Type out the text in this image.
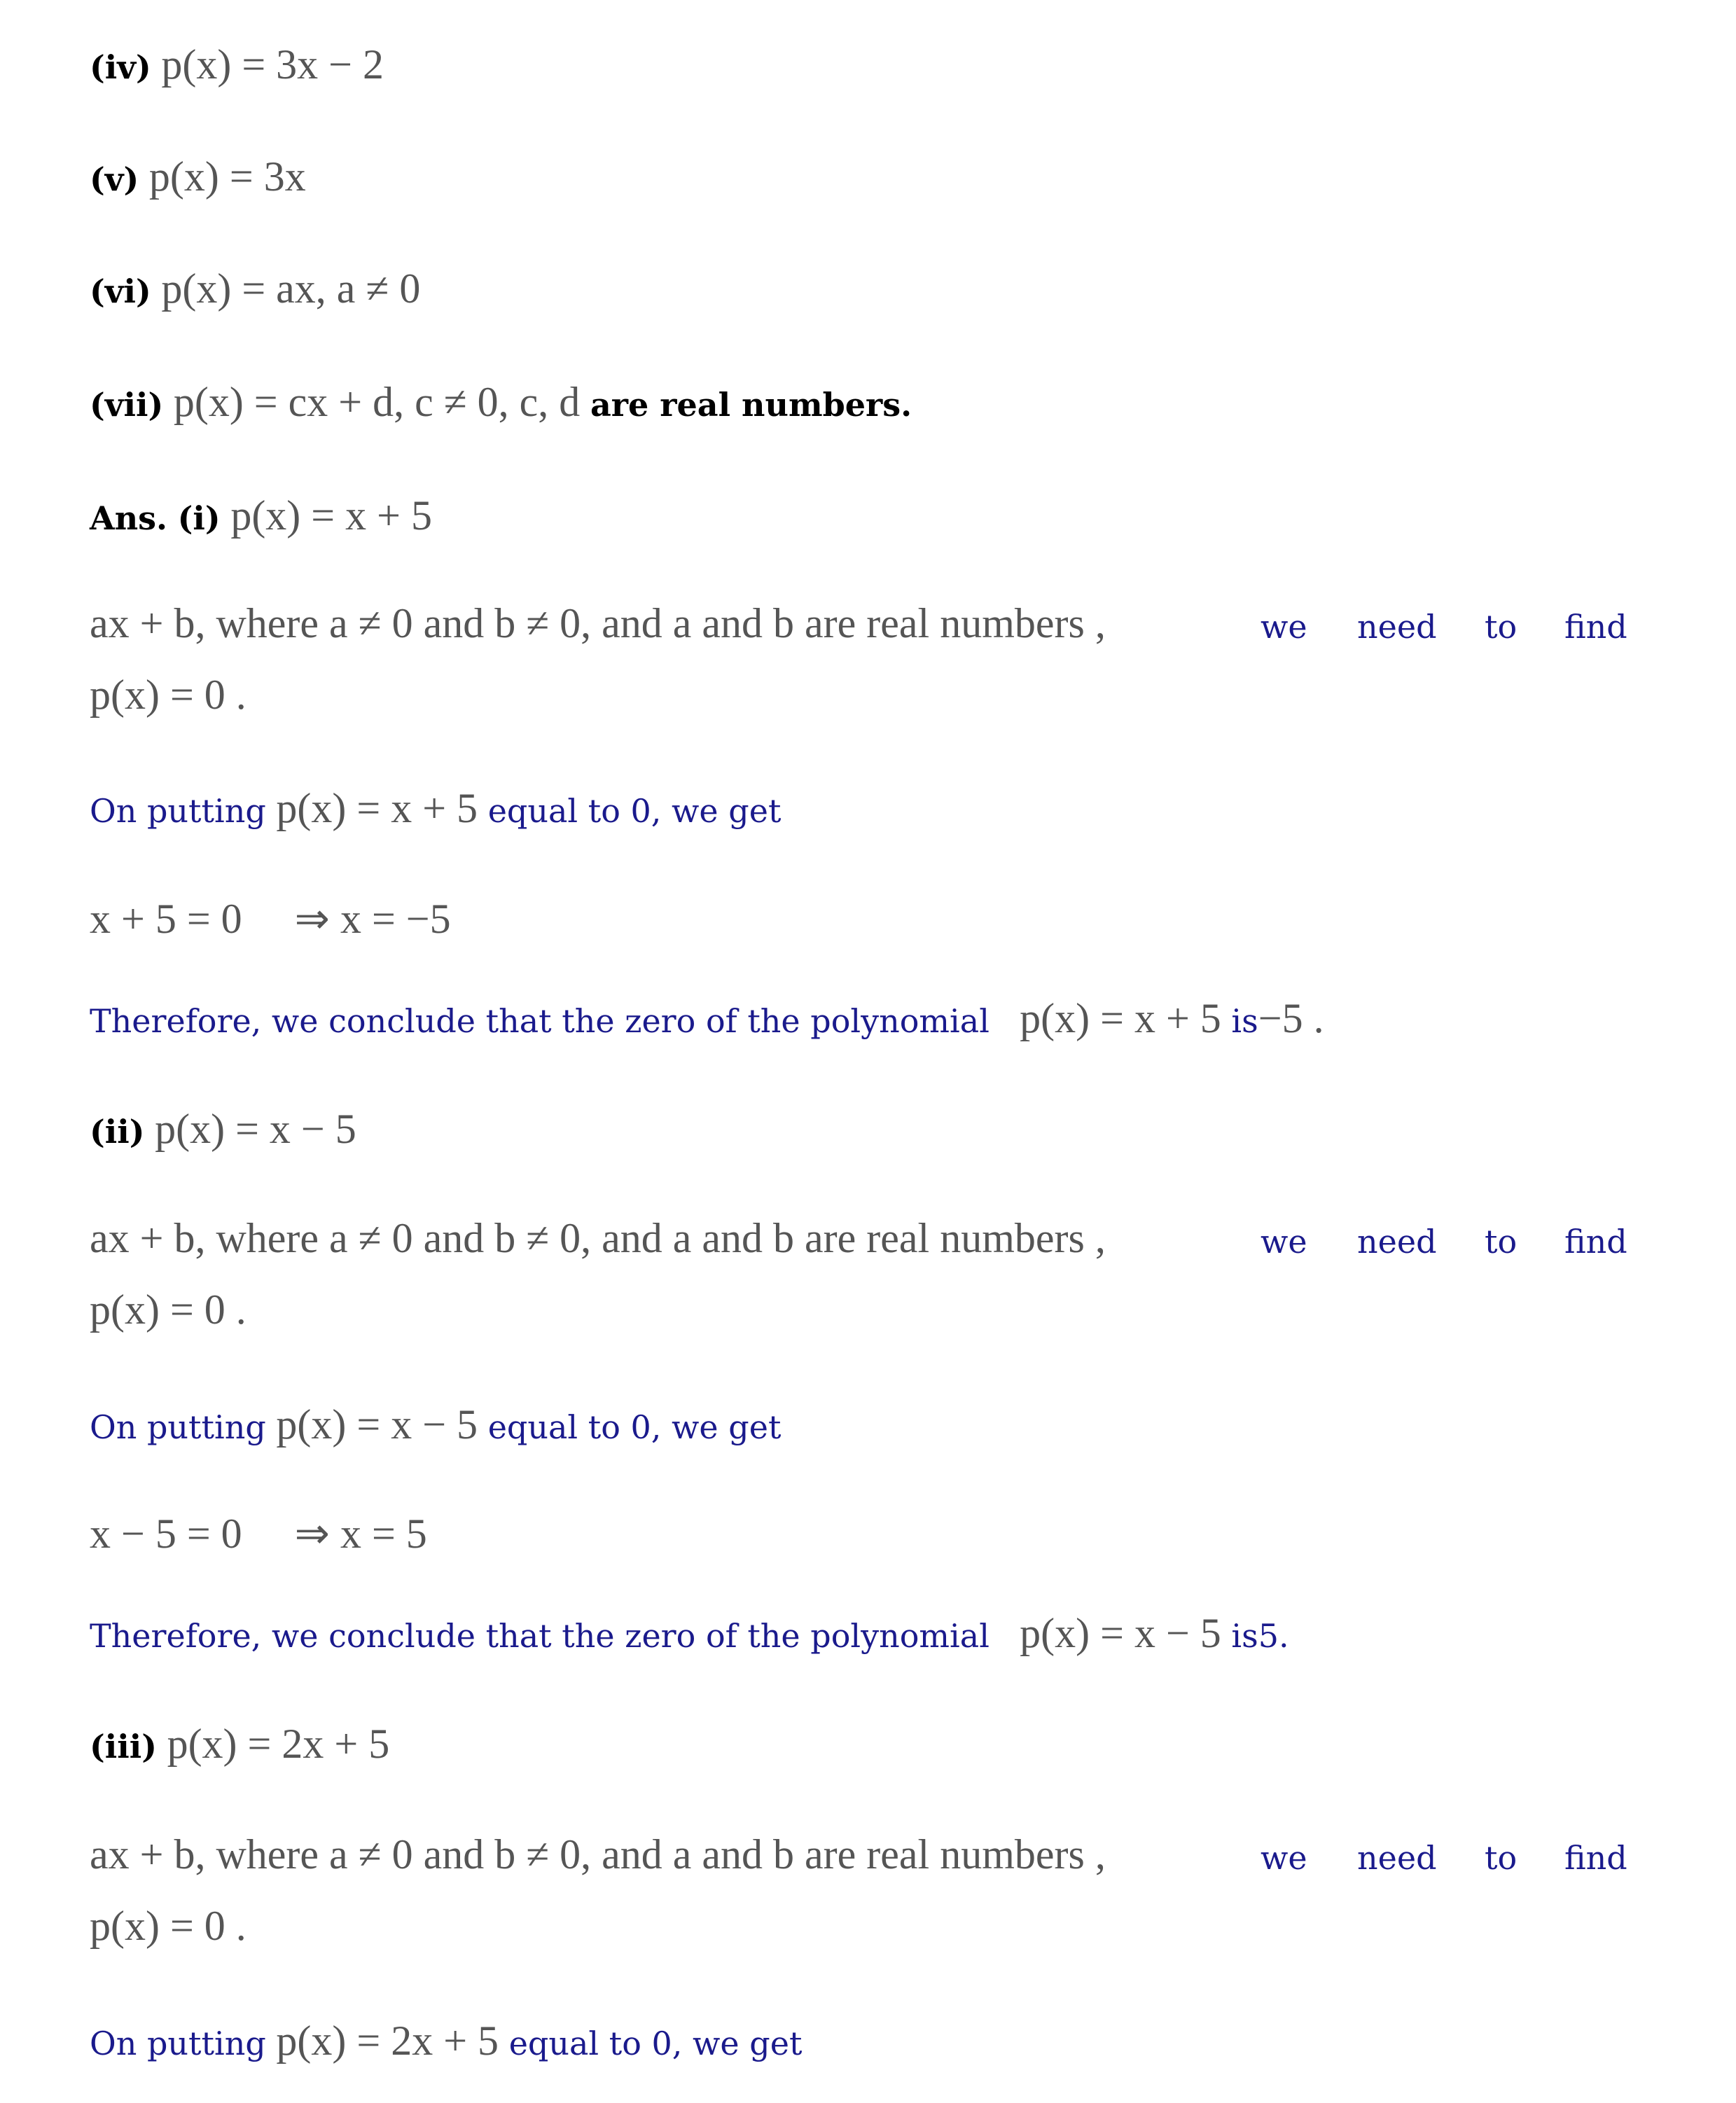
(iv) p(x) = 3x − 2
(v) p(x) = 3x
(vi) p(x) = ax, a ≠ 0
(vii) p(x) = cx + d, c ≠ 0, c, d are real numbers.
Ans. (i) p(x) = x + 5
ax + b, where a ≠ 0 and b ≠ 0, and a and b are real numbers ,	we need to find
p(x) = 0 .
On putting p(x) = x + 5 equal to 0, we get
x + 5 = 0     ⇒ x = −5
Therefore, we conclude that the zero of the polynomial p(x) = x + 5 is−5 .
(ii) p(x) = x − 5
ax + b, where a ≠ 0 and b ≠ 0, and a and b are real numbers ,	we need to find
p(x) = 0 .
On putting p(x) = x − 5 equal to 0, we get
x − 5 = 0     ⇒ x = 5
Therefore, we conclude that the zero of the polynomial p(x) = x − 5 is5.
(iii) p(x) = 2x + 5
ax + b, where a ≠ 0 and b ≠ 0, and a and b are real numbers ,	we need to find
p(x) = 0 .
On putting p(x) = 2x + 5 equal to 0, we get
